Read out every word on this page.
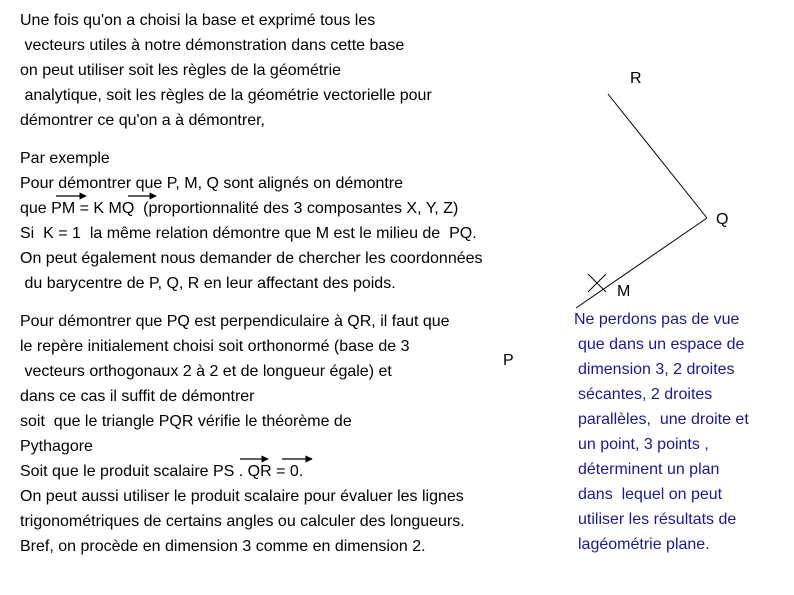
Une fois qu'on a choisi la base et exprimé tous les
vecteurs utiles à notre démonstration dans cette base
on peut utiliser soit les règles de la géométrie
analytique, soit les règles de la géométrie vectorielle pour
démontrer ce qu'on a à démontrer,
Par exemple
Pour démontrer que P, M, Q sont alignés on démontre
que PM = K MQ  (proportionnalité des 3 composantes X, Y, Z)
Si  K = 1  la même relation démontre que M est le milieu de  PQ.
On peut également nous demander de chercher les coordonnées
du barycentre de P, Q, R en leur affectant des poids.
Pour démontrer que PQ est perpendiculaire à QR, il faut que
le repère initialement choisi soit orthonormé (base de 3
vecteurs orthogonaux 2 à 2 et de longueur égale) et
dans ce cas il suffit de démontrer
soit  que le triangle PQR vérifie le théorème de
Pythagore
Soit que le produit scalaire PS . QR = 0.
On peut aussi utiliser le produit scalaire pour évaluer les lignes
trigonométriques de certains angles ou calculer des longueurs.
Bref, on procède en dimension 3 comme en dimension 2.
Ne perdons pas de vue
que dans un espace de
dimension 3, 2 droites
sécantes, 2 droites
parallèles,  une droite et
un point, 3 points ,
déterminent un plan
dans  lequel on peut
utiliser les résultats de
lagéométrie plane.
R
Q
M
P
